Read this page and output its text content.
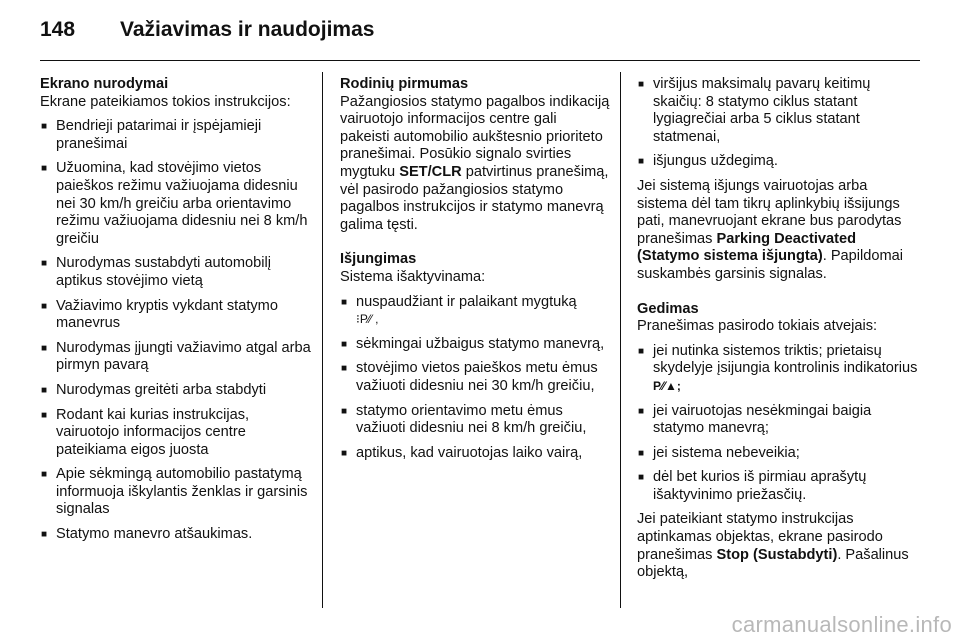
148 Važiavimas ir naudojimas

Ekrano nurodymai

Ekrane pateikiamos tokios instrukcijos:

■ Bendrieji patarimai ir įspėjamieji pranešimai
■ Užuomina, kad stovėjimo vietos paieškos režimu važiuojama didesniu nei 30 km/h greičiu arba orientavimo režimu važiuojama didesniu nei 8 km/h greičiu
■ Nurodymas sustabdyti automobilį aptikus stovėjimo vietą
■ Važiavimo kryptis vykdant statymo manevrus
■ Nurodymas įjungti važiavimo atgal arba pirmyn pavarą
■ Nurodymas greitėti arba stabdyti
■ Rodant kai kurias instrukcijas, vairuotojo informacijos centre pateikiama eigos juosta
■ Apie sėkmingą automobilio pastatymą informuoja iškylantis ženklas ir garsinis signalas
■ Statymo manevro atšaukimas.

Rodinių pirmumas

Pažangiosios statymo pagalbos indikaciją vairuotojo informacijos centre gali pakeisti automobilio aukštesnio prioriteto pranešimai. Posūkio signalo svirties mygtuku SET/CLR patvirtinus pranešimą, vėl pasirodo pažangiosios statymo pagalbos instrukcijos ir statymo manevrą galima tęsti.

Išjungimas

Sistema išaktyvinama:

■ nuspaudžiant ir palaikant mygtuką
⁝P⁄⁄ ,
■ sėkmingai užbaigus statymo manevrą,
■ stovėjimo vietos paieškos metu ėmus važiuoti didesniu nei 30 km/h greičiu,
■ statymo orientavimo metu ėmus važiuoti didesniu nei 8 km/h greičiu,
■ aptikus, kad vairuotojas laiko vairą,
■ viršijus maksimalų pavarų keitimų skaičių: 8 statymo ciklus statant lygiagrečiai arba 5 ciklus statant statmenai,
■ išjungus uždegimą.

Jei sistemą išjungs vairuotojas arba sistema dėl tam tikrų aplinkybių išsijungs pati, manevruojant ekrane bus parodytas pranešimas Parking Deactivated (Statymo sistema išjungta). Papildomai suskambės garsinis signalas.

Gedimas

Pranešimas pasirodo tokiais atvejais:

■ jei nutinka sistemos triktis; prietaisų skydelyje įsijungia kontrolinis indikatorius P⁄⁄▲;
■ jei vairuotojas nesėkmingai baigia statymo manevrą;
■ jei sistema nebeveikia;
■ dėl bet kurios iš pirmiau aprašytų išaktyvinimo priežasčių.

Jei pateikiant statymo instrukcijas aptinkamas objektas, ekrane pasirodo pranešimas Stop (Sustabdyti). Pašalinus objektą,

carmanualsonline.info
